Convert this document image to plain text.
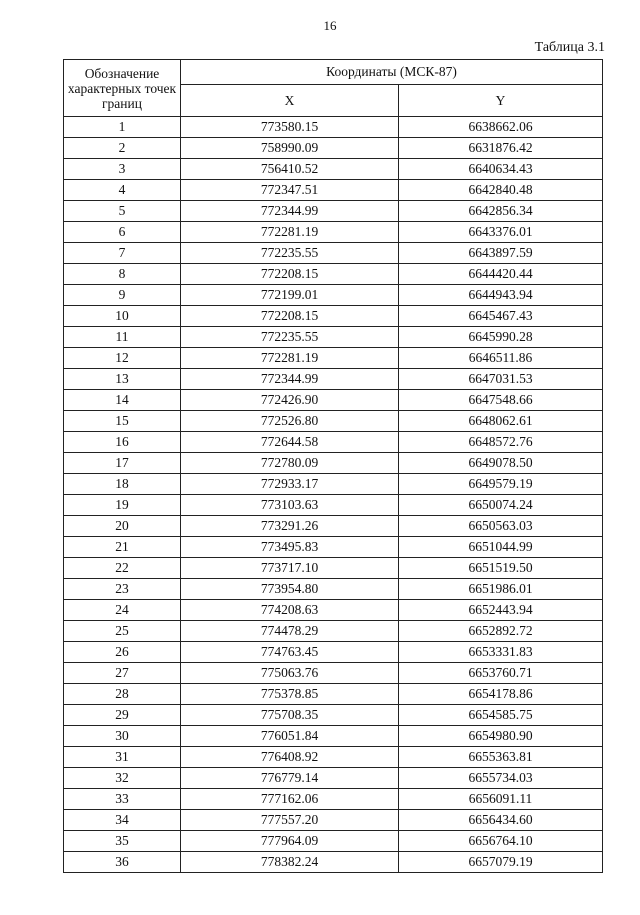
16
Таблица 3.1
Обозначение характерных точек границ	Координаты (МСК-87)	
	X	Y
1	773580.15	6638662.06
2	758990.09	6631876.42
3	756410.52	6640634.43
4	772347.51	6642840.48
5	772344.99	6642856.34
6	772281.19	6643376.01
7	772235.55	6643897.59
8	772208.15	6644420.44
9	772199.01	6644943.94
10	772208.15	6645467.43
11	772235.55	6645990.28
12	772281.19	6646511.86
13	772344.99	6647031.53
14	772426.90	6647548.66
15	772526.80	6648062.61
16	772644.58	6648572.76
17	772780.09	6649078.50
18	772933.17	6649579.19
19	773103.63	6650074.24
20	773291.26	6650563.03
21	773495.83	6651044.99
22	773717.10	6651519.50
23	773954.80	6651986.01
24	774208.63	6652443.94
25	774478.29	6652892.72
26	774763.45	6653331.83
27	775063.76	6653760.71
28	775378.85	6654178.86
29	775708.35	6654585.75
30	776051.84	6654980.90
31	776408.92	6655363.81
32	776779.14	6655734.03
33	777162.06	6656091.11
34	777557.20	6656434.60
35	777964.09	6656764.10
36	778382.24	6657079.19
